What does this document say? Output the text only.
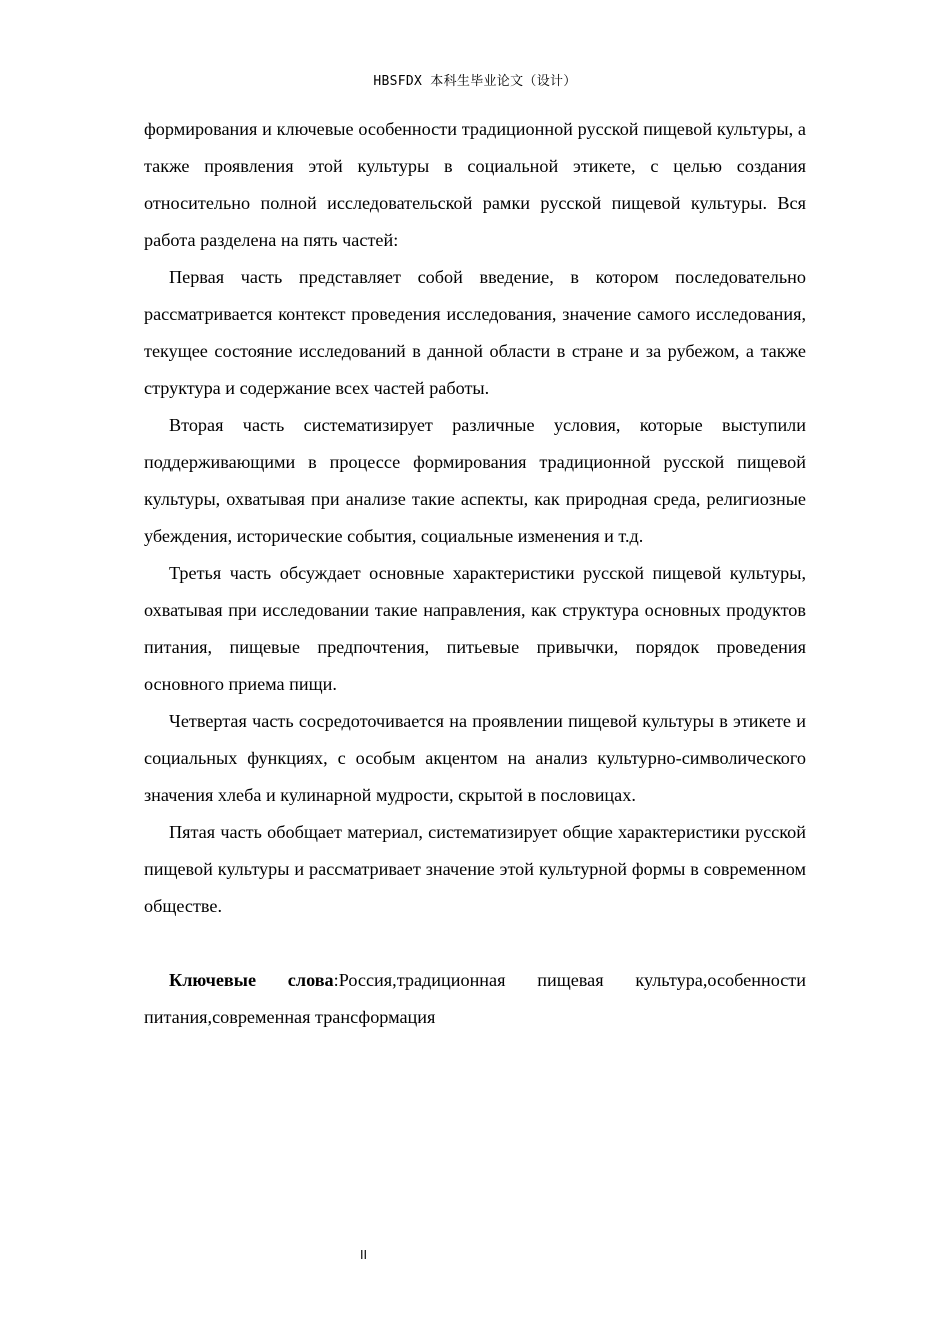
HBSFDX 本科生毕业论文（设计）

формирования и ключевые особенности традиционной русской пищевой культуры, а также проявления этой культуры в социальной этикете, с целью создания относительно полной исследовательской рамки русской пищевой культуры. Вся работа разделена на пять частей:

Первая часть представляет собой введение, в котором последовательно рассматривается контекст проведения исследования, значение самого исследования, текущее состояние исследований в данной области в стране и за рубежом, а также структура и содержание всех частей работы.

Вторая часть систематизирует различные условия, которые выступили поддерживающими в процессе формирования традиционной русской пищевой культуры, охватывая при анализе такие аспекты, как природная среда, религиозные убеждения, исторические события, социальные изменения и т.д.

Третья часть обсуждает основные характеристики русской пищевой культуры, охватывая при исследовании такие направления, как структура основных продуктов питания, пищевые предпочтения, питьевые привычки, порядок проведения основного приема пищи.

Четвертая часть сосредоточивается на проявлении пищевой культуры в этикете и социальных функциях, с особым акцентом на анализ культурно-символического значения хлеба и кулинарной мудрости, скрытой в пословицах.

Пятая часть обобщает материал, систематизирует общие характеристики русской пищевой культуры и рассматривает значение этой культурной формы в современном обществе.

Ключевые слова:Россия,традиционная пищевая культура,особенности питания,современная трансформация

II
